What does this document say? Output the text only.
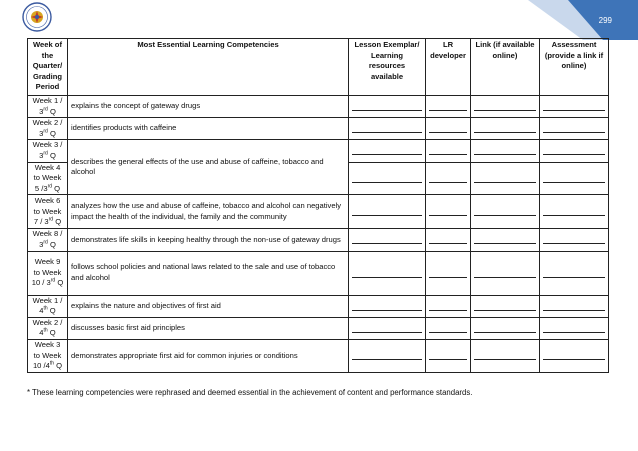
299
Week of the Quarter/ Grading Period	Most Essential Learning Competencies	Lesson Exemplar/ Learning resources available	LR developer	Link (if available online)	Assessment (provide a link if online)
Week 1 / 3rd Q	explains the concept of gateway drugs	

Week 2 / 3rd Q	identifies products with caffeine	

Week 3 / 3rd Q	describes the general effects of the use and abuse of caffeine, tobacco and alcohol	

Week 4 to Week 5 /3rd Q		

Week 6 to Week 7 / 3rd Q	analyzes how the use and abuse of caffeine, tobacco and alcohol can negatively impact the health of the individual, the family and the community	

Week 8 / 3rd Q	demonstrates life skills in keeping healthy through the non-use of gateway drugs	

Week 9 to Week 10 / 3rd Q	follows school policies and national laws related to the sale and use of tobacco and alcohol	

Week 1 / 4th Q	explains the nature and objectives of first aid	

Week 2 / 4th Q	discusses basic first aid principles	

Week 3 to Week 10 /4th Q	demonstrates appropriate first aid for common injuries or conditions	

* These learning competencies were rephrased and deemed essential in the achievement of content and performance standards.
